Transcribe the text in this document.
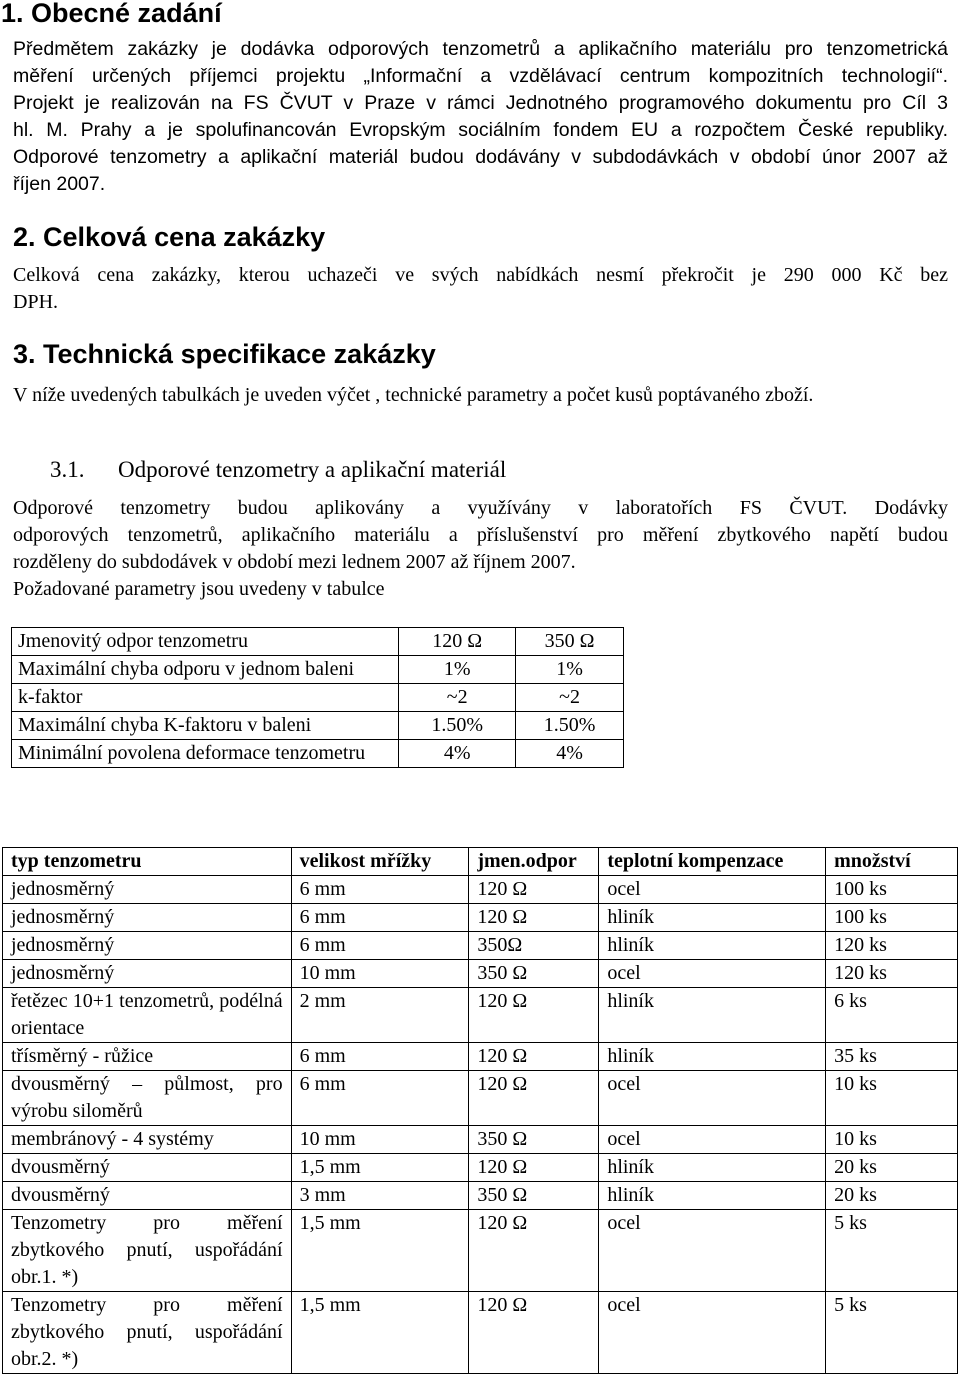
1. Obecné zadání
Předmětem zakázky je dodávka odporových tenzometrů a aplikačního materiálu pro tenzometrická
měření určených příjemci projektu „Informační a vzdělávací centrum kompozitních technologií“.
Projekt je realizován na FS ČVUT v Praze v rámci Jednotného programového dokumentu pro Cíl 3
hl. M. Prahy a je spolufinancován Evropským sociálním fondem EU a rozpočtem České republiky.
Odporové tenzometry a aplikační materiál budou dodávány v subdodávkách v období únor 2007 až
říjen 2007.
2. Celková cena zakázky
Celková cena zakázky, kterou uchazeči ve svých nabídkách nesmí překročit je 290 000 Kč bez
DPH.
3. Technická specifikace zakázky
V níže uvedených tabulkách je uveden výčet , technické parametry a počet kusů poptávaného zboží.
3.1. Odporové tenzometry a aplikační materiál
Odporové tenzometry budou aplikovány a využívány v laboratořích FS ČVUT. Dodávky
odporových tenzometrů, aplikačního materiálu a příslušenství pro měření zbytkového napětí budou
rozděleny do subdodávek v období mezi lednem 2007 až říjnem 2007.
Požadované parametry jsou uvedeny v tabulce
Jmenovitý odpor tenzometru	120 Ω	350 Ω
Maximální chyba odporu v jednom baleni	1%	1%
k-faktor	~2	~2
Maximální chyba K-faktoru v baleni	1.50%	1.50%
Minimální povolena deformace tenzometru	4%	4%
typ tenzometru	velikost mřížky	jmen.odpor	teplotní kompenzace	množství
jednosměrný	6 mm	120 Ω	ocel	100 ks
jednosměrný	6 mm	120 Ω	hliník	100 ks
jednosměrný	6 mm	350Ω	hliník	120 ks
jednosměrný	10 mm	350 Ω	ocel	120 ks
řetězec 10+1 tenzometrů, podélná orientace	2 mm	120 Ω	hliník	6 ks
třísměrný - růžice	6 mm	120 Ω	hliník	35 ks
dvousměrný – půlmost, pro výrobu siloměrů	6 mm	120 Ω	ocel	10 ks
membránový - 4 systémy	10 mm	350 Ω	ocel	10 ks
dvousměrný	1,5 mm	120 Ω	hliník	20 ks
dvousměrný	3 mm	350 Ω	hliník	20 ks
Tenzometry pro měření zbytkového pnutí, uspořádání obr.1. *)	1,5 mm	120 Ω	ocel	5 ks
Tenzometry pro měření zbytkového pnutí, uspořádání obr.2. *)	1,5 mm	120 Ω	ocel	5 ks
